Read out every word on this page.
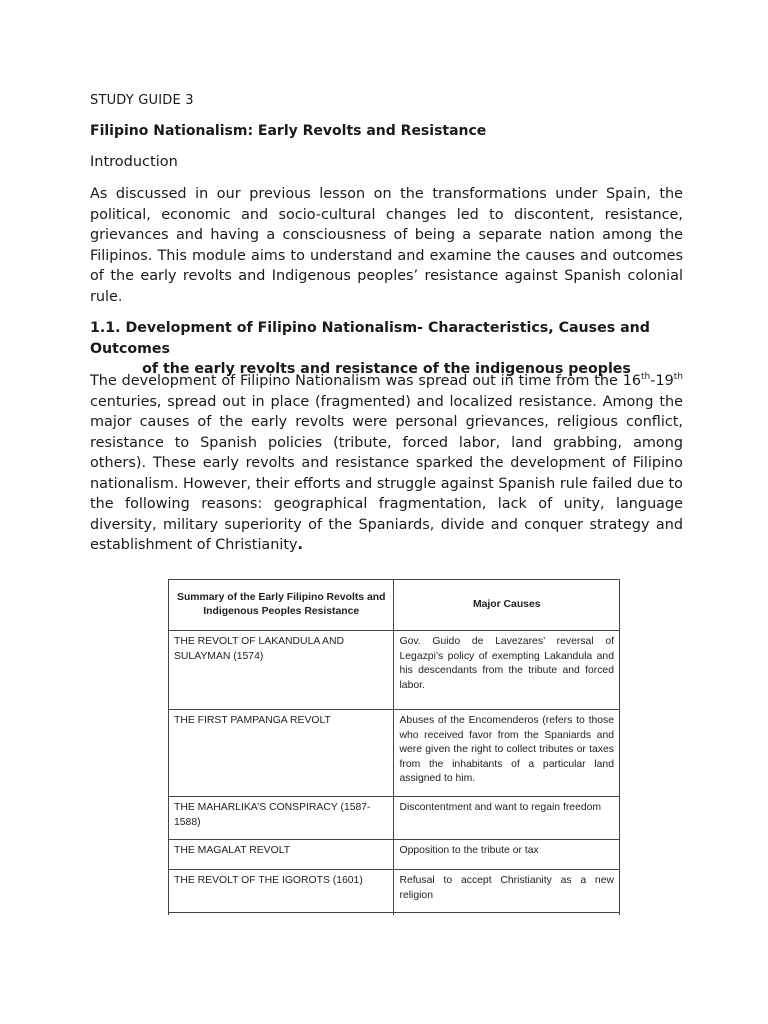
STUDY GUIDE 3
Filipino Nationalism: Early Revolts and Resistance
Introduction
As discussed in our previous lesson on the transformations under Spain, the political, economic and socio-cultural changes led to discontent, resistance, grievances and having a consciousness of being a separate nation among the Filipinos. This module aims to understand and examine the causes and outcomes of the early revolts and Indigenous peoples’ resistance against Spanish colonial rule.
1.1. Development of Filipino Nationalism- Characteristics, Causes and Outcomes
of the early revolts and resistance of the indigenous peoples
The development of Filipino Nationalism was spread out in time from the 16th-19th centuries, spread out in place (fragmented) and localized resistance. Among the major causes of the early revolts were personal grievances, religious conflict, resistance to Spanish policies (tribute, forced labor, land grabbing, among others). These early revolts and resistance sparked the development of Filipino nationalism. However, their efforts and struggle against Spanish rule failed due to the following reasons: geographical fragmentation, lack of unity, language diversity, military superiority of the Spaniards, divide and conquer strategy and establishment of Christianity.
Summary of the Early Filipino Revolts and Indigenous Peoples Resistance	Major Causes
THE REVOLT OF LAKANDULA AND SULAYMAN (1574)	Gov. Guido de Lavezares’ reversal of Legazpi’s policy of exempting Lakandula and his descendants from the tribute and forced labor.
THE FIRST PAMPANGA REVOLT	Abuses of the Encomenderos (refers to those who received favor from the Spaniards and were given the right to collect tributes or taxes from the inhabitants of a particular land assigned to him.
THE MAHARLIKA’S CONSPIRACY (1587-1588)	Discontentment and want to regain freedom
THE MAGALAT REVOLT	Opposition to the tribute or tax
THE REVOLT OF THE IGOROTS (1601)	Refusal to accept Christianity as a new religion
